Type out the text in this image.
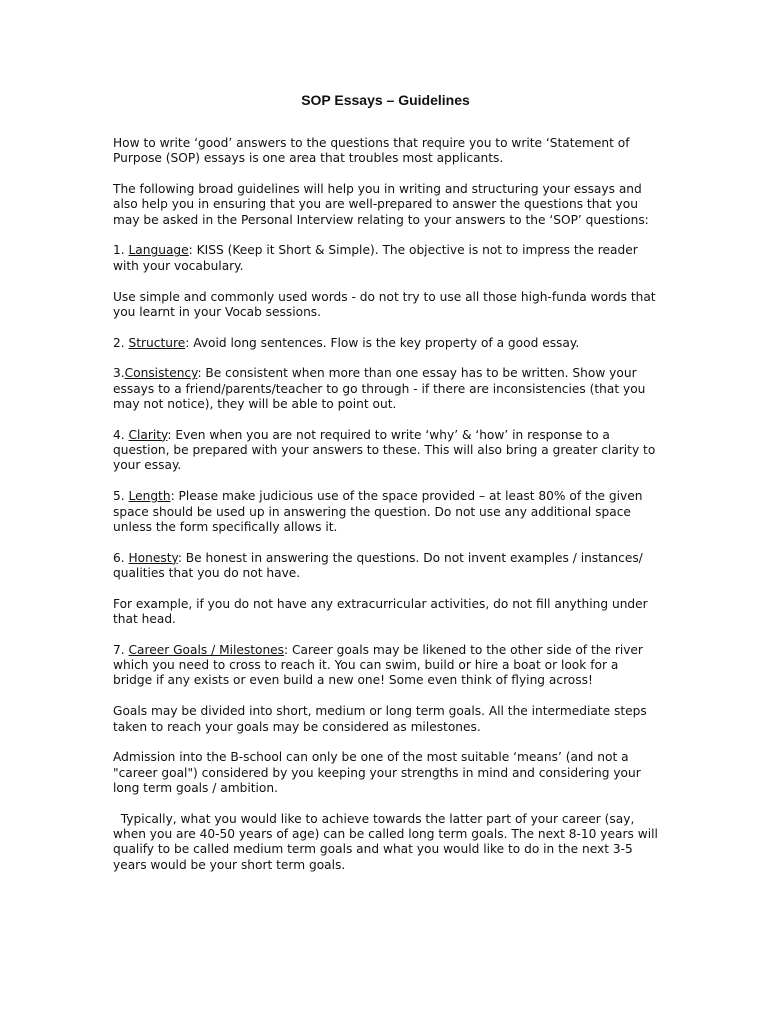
SOP Essays – Guidelines

How to write ‘good’ answers to the questions that require you to write ‘Statement of Purpose (SOP) essays is one area that troubles most applicants.

The following broad guidelines will help you in writing and structuring your essays and also help you in ensuring that you are well-prepared to answer the questions that you may be asked in the Personal Interview relating to your answers to the ‘SOP’ questions:

1. Language: KISS (Keep it Short & Simple). The objective is not to impress the reader with your vocabulary.

Use simple and commonly used words - do not try to use all those high-funda words that you learnt in your Vocab sessions.

2. Structure: Avoid long sentences. Flow is the key property of a good essay.

3.Consistency: Be consistent when more than one essay has to be written. Show your essays to a friend/parents/teacher to go through - if there are inconsistencies (that you may not notice), they will be able to point out.

4. Clarity: Even when you are not required to write ‘why’ & ‘how’ in response to a question, be prepared with your answers to these. This will also bring a greater clarity to your essay.

5. Length: Please make judicious use of the space provided – at least 80% of the given space should be used up in answering the question. Do not use any additional space unless the form specifically allows it.

6. Honesty: Be honest in answering the questions. Do not invent examples / instances/ qualities that you do not have.

For example, if you do not have any extracurricular activities, do not fill anything under that head.

7. Career Goals / Milestones: Career goals may be likened to the other side of the river which you need to cross to reach it. You can swim, build or hire a boat or look for a bridge if any exists or even build a new one! Some even think of flying across!

Goals may be divided into short, medium or long term goals. All the intermediate steps taken to reach your goals may be considered as milestones.

Admission into the B-school can only be one of the most suitable ‘means’ (and not a "career goal") considered by you keeping your strengths in mind and considering your long term goals / ambition.

Typically, what you would like to achieve towards the latter part of your career (say, when you are 40-50 years of age) can be called long term goals. The next 8-10 years will qualify to be called medium term goals and what you would like to do in the next 3-5 years would be your short term goals.
